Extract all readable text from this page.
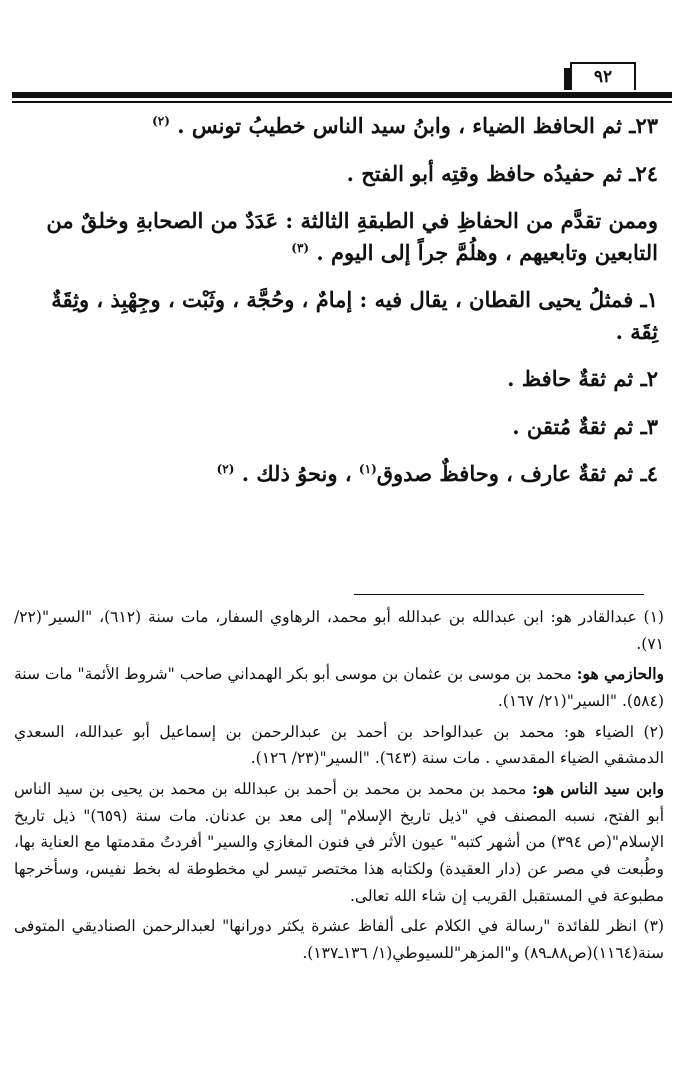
٩٢

٢٣ـ ثم الحافظ الضياء ، وابنُ سيد الناس خطيبُ تونس . $^{(٢)}$

٢٤ـ ثم حفيدُه حافظ وقتِه أبو الفتح .

وممن تقدَّم من الحفاظِ في الطبقةِ الثالثة : عَدَدٌ من الصحابةِ وخلقٌ من التابعين وتابعيهم ، وهلُمَّ جراً إلى اليوم . $^{(٣)}$

١ـ فمثلُ يحيى القطان ، يقال فيه : إمامٌ ، وحُجَّة ، وثَبْت ، وجِهْبِذ ، وثِقَةٌ ثِقَة .

٢ـ ثم ثقةٌ حافظ .

٣ـ ثم ثقةٌ مُتقن .

٤ـ ثم ثقةٌ عارف ، وحافظٌ صدوق$^{(١)}$ ، ونحوُ ذلك . $^{(٢)}$

(١) عبدالقادر هو: ابن عبدالله بن عبدالله أبو محمد، الرهاوي السفار، مات سنة (٦١٢)، "السير"(٢٢/ ٧١).

والحازمي هو: محمد بن موسى بن عثمان بن موسى أبو بكر الهمداني صاحب "شروط الأئمة" مات سنة (٥٨٤). "السير"(٢١/ ١٦٧).

(٢) الضياء هو: محمد بن عبدالواحد بن أحمد بن عبدالرحمن بن إسماعيل أبو عبدالله، السعدي الدمشقي الضياء المقدسي . مات سنة (٦٤٣). "السير"(٢٣/ ١٢٦).

وابن سيد الناس هو: محمد بن محمد بن محمد بن أحمد بن عبدالله بن محمد بن يحيى بن سيد الناس أبو الفتح، نسبه المصنف في "ذيل تاريخ الإسلام" إلى معد بن عدنان. مات سنة (٦٥٩)" ذيل تاريخ الإسلام"(ص ٣٩٤) من أشهر كتبه" عيون الأثر في فنون المغازي والسير" أفردتُ مقدمتها مع العناية بها، وطُبعت في مصر عن (دار العقيدة) ولكتابه هذا مختصر تيسر لي مخطوطة له بخط نفيس، وسأخرجها مطبوعة في المستقبل القريب إن شاء الله تعالى.

(٣) انظر للفائدة "رسالة في الكلام على ألفاظ عشرة يكثر دورانها" لعبدالرحمن الصناديقي المتوفى سنة(١١٦٤)(ص٨٨ـ٨٩) و"المزهر"للسيوطي(١/ ١٣٦ـ١٣٧).
